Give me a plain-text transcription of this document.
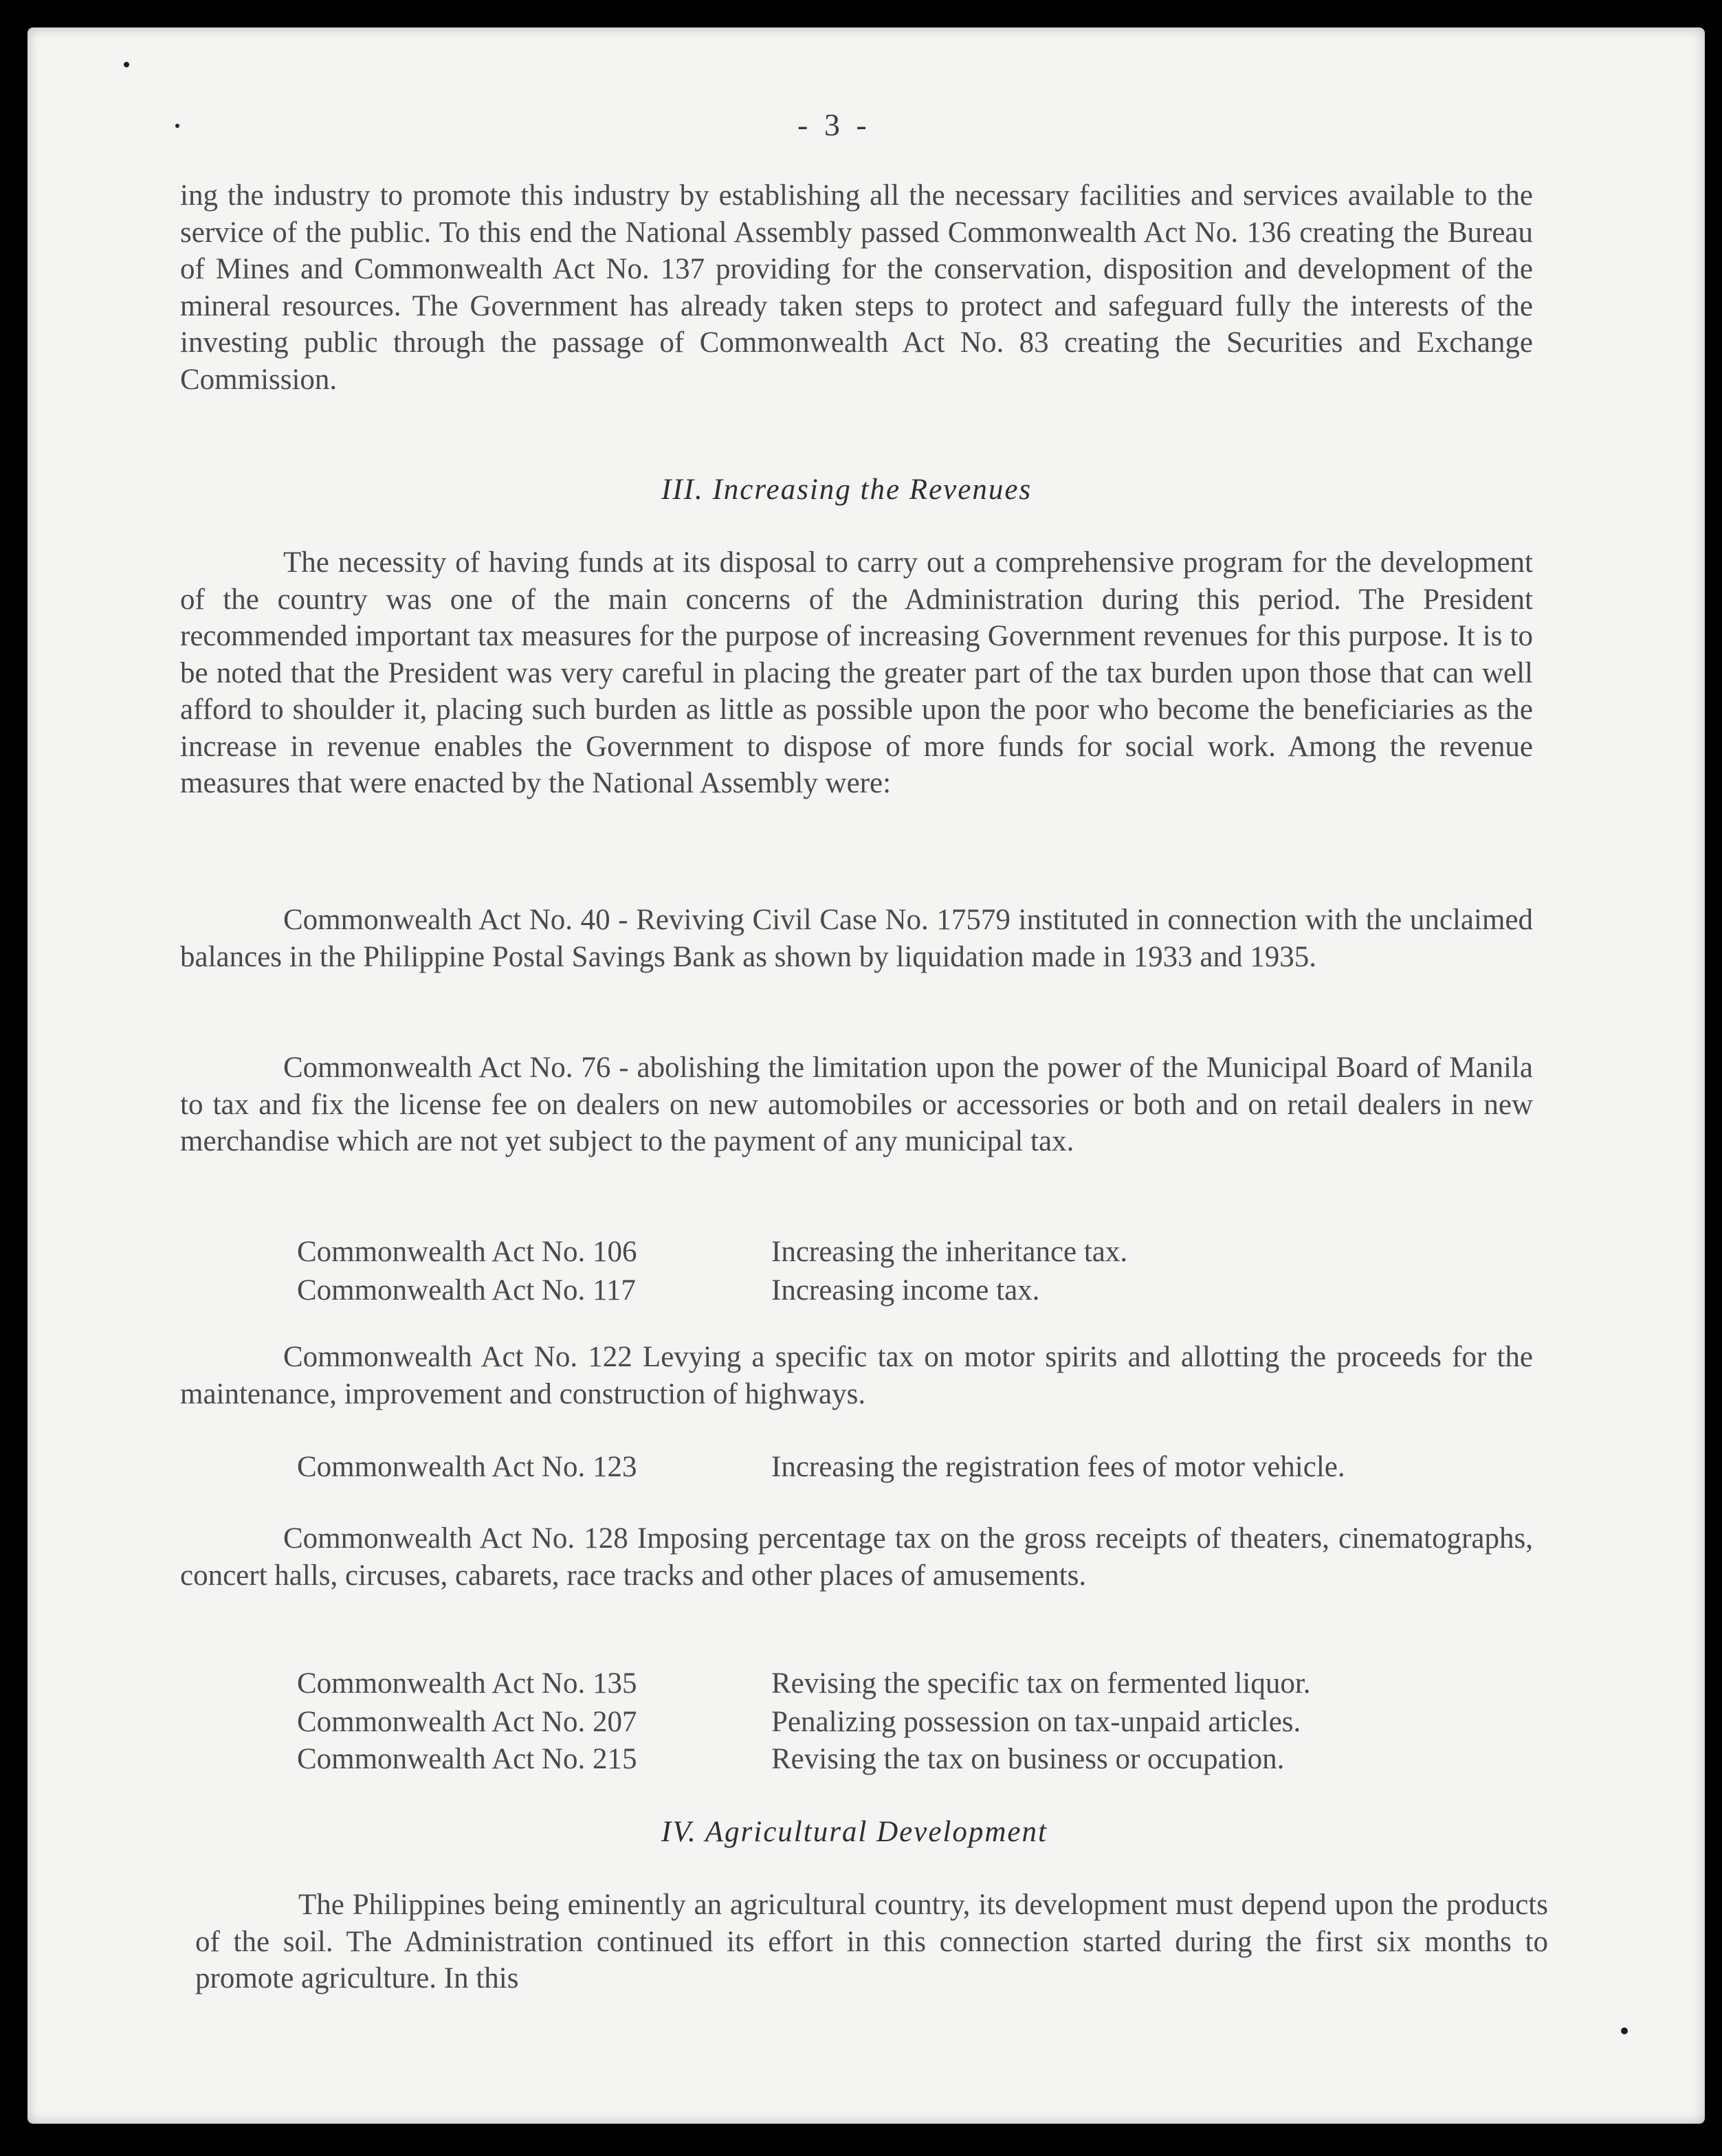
- 3 -

ing the industry to promote this industry by establishing all the necessary facilities and services available to the service of the public. To this end the National Assembly passed Commonwealth Act No. 136 creating the Bureau of Mines and Commonwealth Act No. 137 providing for the conservation, disposition and development of the mineral resources. The Government has already taken steps to protect and safeguard fully the interests of the investing public through the passage of Commonwealth Act No. 83 creating the Securities and Exchange Commission.

III. Increasing the Revenues

The necessity of having funds at its disposal to carry out a comprehensive program for the development of the country was one of the main concerns of the Administration during this period. The President recommended important tax measures for the purpose of increasing Government revenues for this purpose. It is to be noted that the President was very careful in placing the greater part of the tax burden upon those that can well afford to shoulder it, placing such burden as little as possible upon the poor who become the beneficiaries as the increase in revenue enables the Government to dispose of more funds for social work. Among the revenue measures that were enacted by the National Assembly were:

Commonwealth Act No. 40 - Reviving Civil Case No. 17579 instituted in connection with the unclaimed balances in the Philippine Postal Savings Bank as shown by liquidation made in 1933 and 1935.

Commonwealth Act No. 76 - abolishing the limitation upon the power of the Municipal Board of Manila to tax and fix the license fee on dealers on new automobiles or accessories or both and on retail dealers in new merchandise which are not yet subject to the payment of any municipal tax.

Commonwealth Act No. 106	Increasing the inheritance tax.
Commonwealth Act No. 117	Increasing income tax.

Commonwealth Act No. 122 Levying a specific tax on motor spirits and allotting the proceeds for the maintenance, improvement and construction of highways.

Commonwealth Act No. 123	Increasing the registration fees of motor vehicle.

Commonwealth Act No. 128 Imposing percentage tax on the gross receipts of theaters, cinematographs, concert halls, circuses, cabarets, race tracks and other places of amusements.

Commonwealth Act No. 135	Revising the specific tax on fermented liquor.
Commonwealth Act No. 207	Penalizing possession on tax-unpaid articles.
Commonwealth Act No. 215	Revising the tax on business or occupation.

IV. Agricultural Development

The Philippines being eminently an agricultural country, its development must depend upon the products of the soil. The Administration continued its effort in this connection started during the first six months to promote agriculture. In this
